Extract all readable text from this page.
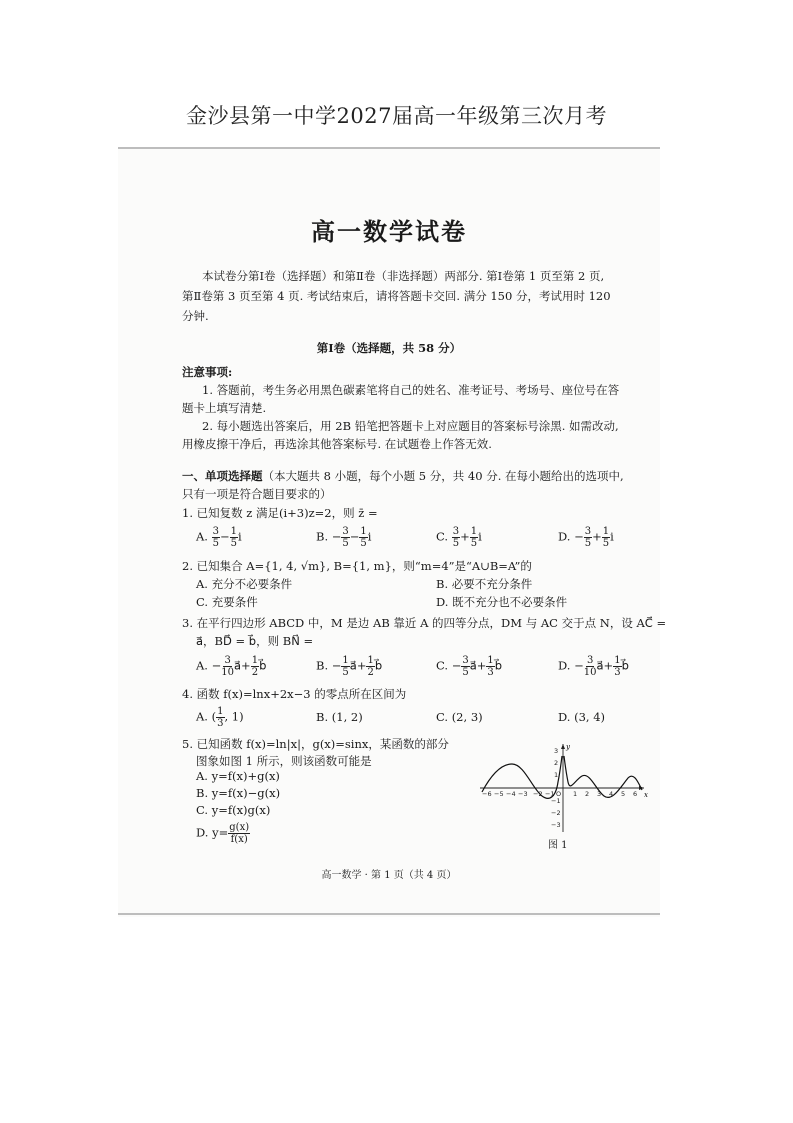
金沙县第一中学2027届高一年级第三次月考
高一数学试卷
本试卷分第Ⅰ卷（选择题）和第Ⅱ卷（非选择题）两部分. 第Ⅰ卷第 1 页至第 2 页,
第Ⅱ卷第 3 页至第 4 页. 考试结束后，请将答题卡交回. 满分 150 分，考试用时 120
分钟.
第Ⅰ卷（选择题，共 58 分）
注意事项:
1. 答题前，考生务必用黑色碳素笔将自己的姓名、准考证号、考场号、座位号在答
题卡上填写清楚.
2. 每小题选出答案后，用 2B 铅笔把答题卡上对应题目的答案标号涂黑. 如需改动,
用橡皮擦干净后，再选涂其他答案标号. 在试题卷上作答无效.
一、单项选择题（本大题共 8 小题，每个小题 5 分，共 40 分. 在每小题给出的选项中,
只有一项是符合题目要求的）
1. 已知复数 z 满足(i+3)z=2，则 z̄ =
A. $\frac{3}{5} - \frac{1}{5}$ i	B. − $\frac{3}{5} - \frac{1}{5}$ i	C. $\frac{3}{5} + \frac{1}{5}$ i	D. − $\frac{3}{5} + \frac{1}{5}$ i
2. 已知集合 A={1, 4, √m}, B={1, m}，则“m=4”是“A∪B=A”的
A. 充分不必要条件	B. 必要不充分条件
C. 充要条件	D. 既不充分也不必要条件
3. 在平行四边形 ABCD 中，M 是边 AB 靠近 A 的四等分点，DM 与 AC 交于点 N，设 AC⃗ =
a⃗，BD⃗ = b⃗，则 BN⃗ =
A. − $\frac{3}{10}$ a⃗+ $\frac{1}{2}$ b⃗	B. − $\frac{1}{5}$ a⃗+ $\frac{1}{2}$ b⃗	C. − $\frac{3}{5}$ a⃗+ $\frac{1}{3}$ b⃗	D. − $\frac{3}{10}$ a⃗+ $\frac{1}{3}$ b⃗
4. 函数 f(x)=lnx+2x−3 的零点所在区间为
A. ( $\frac{1}{3}$ , 1)	B. (1, 2)	C. (2, 3)	D. (3, 4)
5. 已知函数 f(x)=ln|x|，g(x)=sinx，某函数的部分
图象如图 1 所示，则该函数可能是
A. y=f(x)+g(x)
B. y=f(x)−g(x)
C. y=f(x)g(x)
D. $y= \frac{g(x)}{f(x)}$
x
y
−6 −5 −4 −3 −2 −1 O 1 2 3 4 5 6
3
2
1
−1
−2
−3
图 1
高一数学 · 第 1 页（共 4 页）
